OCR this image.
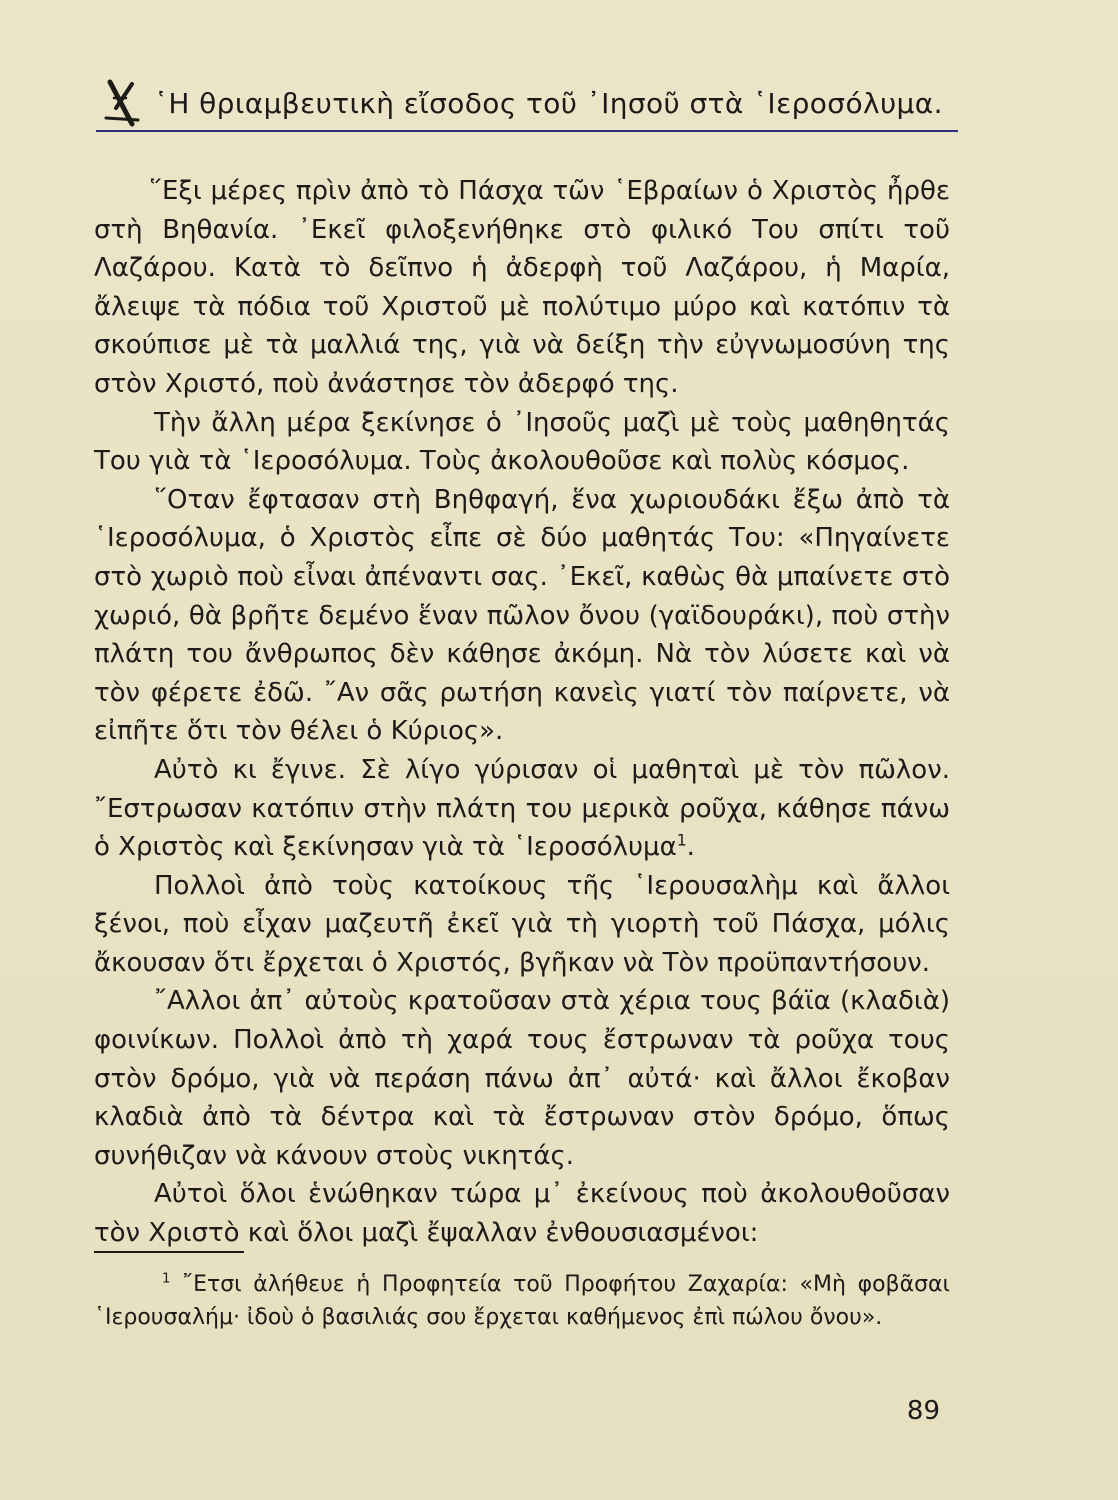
῾Η θριαμβευτικὴ εἴσοδος τοῦ ᾽Ιησοῦ στὰ ῾Ιεροσόλυμα.

῞Εξι μέρες πρὶν ἀπὸ τὸ Πάσχα τῶν ῾Εβραίων ὁ Χριστὸς ἦρθε στὴ Βηθανία. ᾽Εκεῖ φιλοξενήθηκε στὸ φιλικό Του σπίτι τοῦ Λαζάρου. Κατὰ τὸ δεῖπνο ἡ ἀδερφὴ τοῦ Λαζάρου, ἡ Μαρία, ἄλειψε τὰ πόδια τοῦ Χριστοῦ μὲ πολύτιμο μύρο καὶ κατόπιν τὰ σκούπισε μὲ τὰ μαλλιά της, γιὰ νὰ δείξη τὴν εὐγνωμοσύνη της στὸν Χριστό, ποὺ ἀνάστησε τὸν ἀδερφό της.

Τὴν ἄλλη μέρα ξεκίνησε ὁ ᾽Ιησοῦς μαζὶ μὲ τοὺς μαθηθητάς Του γιὰ τὰ ῾Ιεροσόλυμα. Τοὺς ἀκολουθοῦσε καὶ πολὺς κόσμος.

῞Οταν ἔφτασαν στὴ Βηθφαγή, ἕνα χωριουδάκι ἔξω ἀπὸ τὰ ῾Ιεροσόλυμα, ὁ Χριστὸς εἶπε σὲ δύο μαθητάς Του: «Πηγαίνετε στὸ χωριὸ ποὺ εἶναι ἀπέναντι σας. ᾽Εκεῖ, καθὼς θὰ μπαίνετε στὸ χωριό, θὰ βρῆτε δεμένο ἕναν πῶλον ὄνου (γαϊδουράκι), ποὺ στὴν πλάτη του ἄνθρωπος δὲν κάθησε ἀκόμη. Νὰ τὸν λύσετε καὶ νὰ τὸν φέρετε ἐδῶ. ῎Αν σᾶς ρωτήση κανεὶς γιατί τὸν παίρνετε, νὰ εἰπῆτε ὅτι τὸν θέλει ὁ Κύριος».

Αὐτὸ κι ἔγινε. Σὲ λίγο γύρισαν οἱ μαθηταὶ μὲ τὸν πῶλον. ῎Εστρωσαν κατόπιν στὴν πλάτη του μερικὰ ροῦχα, κάθησε πάνω ὁ Χριστὸς καὶ ξεκίνησαν γιὰ τὰ ῾Ιεροσόλυμα$^1$.

Πολλοὶ ἀπὸ τοὺς κατοίκους τῆς ῾Ιερουσαλὴμ καὶ ἄλλοι ξένοι, ποὺ εἶχαν μαζευτῆ ἐκεῖ γιὰ τὴ γιορτὴ τοῦ Πάσχα, μόλις ἄκουσαν ὅτι ἔρχεται ὁ Χριστός, βγῆκαν νὰ Τὸν προϋπαντήσουν.

῎Αλλοι ἀπ᾽ αὐτοὺς κρατοῦσαν στὰ χέρια τους βάϊα (κλαδιὰ) φοινίκων. Πολλοὶ ἀπὸ τὴ χαρά τους ἔστρωναν τὰ ροῦχα τους στὸν δρόμο, γιὰ νὰ περάση πάνω ἀπ᾽ αὐτά· καὶ ἄλλοι ἔκοβαν κλαδιὰ ἀπὸ τὰ δέντρα καὶ τὰ ἔστρωναν στὸν δρόμο, ὅπως συνήθιζαν νὰ κάνουν στοὺς νικητάς.

Αὐτοὶ ὅλοι ἑνώθηκαν τώρα μ᾽ ἐκείνους ποὺ ἀκολουθοῦσαν τὸν Χριστὸ καὶ ὅλοι μαζὶ ἔψαλλαν ἐνθουσιασμένοι:

$^1$ ῎Ετσι ἀλήθευε ἡ Προφητεία τοῦ Προφήτου Ζαχαρία: «Μὴ φοβᾶσαι ῾Ιερουσαλήμ· ἰδοὺ ὁ βασιλιάς σου ἔρχεται καθήμενος ἐπὶ πώλου ὄνου».
89
